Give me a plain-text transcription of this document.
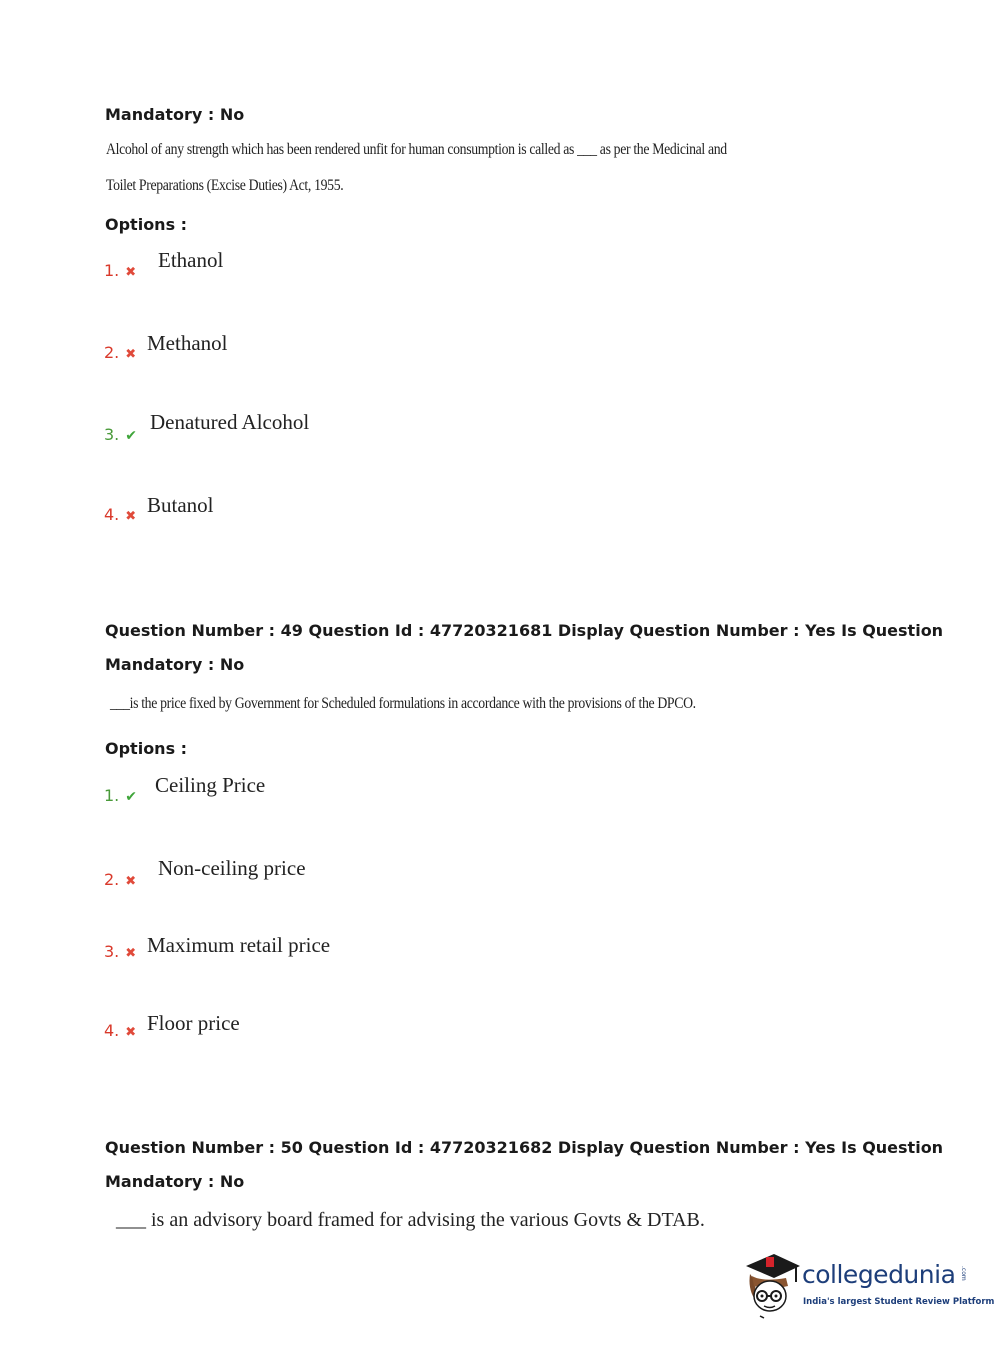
Mandatory : No
Alcohol of any strength which has been rendered unfit for human consumption is called as ___ as per the Medicinal and
Toilet Preparations (Excise Duties) Act, 1955.
Options :
1. ✖
Ethanol
2. ✖ Methanol
3. ✔
Denatured Alcohol
4. ✖ Butanol
Question Number : 49 Question Id : 47720321681 Display Question Number : Yes Is Question
Mandatory : No
___is the price fixed by Government for Scheduled formulations in accordance with the provisions of the DPCO.
Options :
1. ✔ Ceiling Price
2. ✖
Non-ceiling price
3. ✖ Maximum retail price
4. ✖ Floor price
Question Number : 50 Question Id : 47720321682 Display Question Number : Yes Is Question
Mandatory : No
___ is an advisory board framed for advising the various Govts & DTAB.
collegedunia .com
India's largest Student Review Platform
